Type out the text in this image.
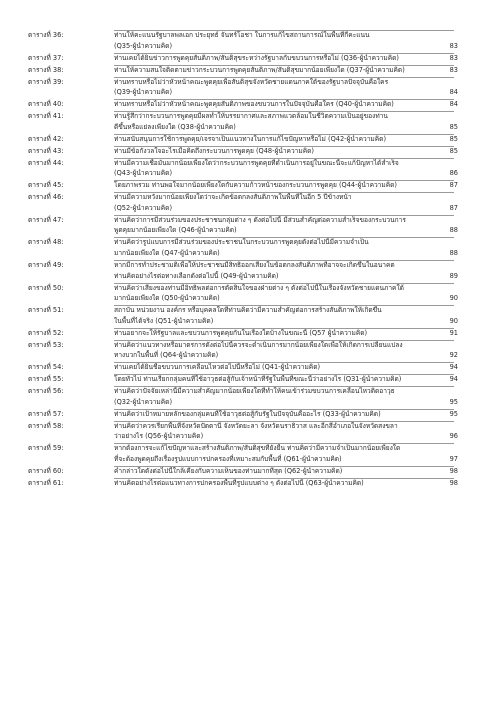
ตารางที่ 36:	ท่านให้คะแนนรัฐบาลพลเอก ประยุทธ์ จันทร์โอชา ในการแก้ไขสถานการณ์ในพื้นที่กี่คะแนน
(Q35-ผู้นำความคิด)	83
ตารางที่ 37:	ท่านเคยได้ยินข่าวการพูดคุยสันติภาพ/สันติสุขระหว่างรัฐบาลกับขบวนการหรือไม่ (Q36-ผู้นำความคิด)	83
ตารางที่ 38:	ท่านให้ความสนใจติดตามข่าวกระบวนการพูดคุยสันติภาพ/สันติสุขมากน้อยเพียงใด (Q37-ผู้นำความคิด)	83
ตารางที่ 39:	ท่านทราบหรือไม่ว่าหัวหน้าคณะพูดคุยเพื่อสันติสุขจังหวัดชายแดนภาคใต้ของรัฐบาลปัจจุบันคือใคร
(Q39-ผู้นำความคิด)	84
ตารางที่ 40:	ท่านทราบหรือไม่ว่าหัวหน้าคณะพูดคุยสันติภาพของขบวนการในปัจจุบันคือใคร (Q40-ผู้นำความคิด)	84
ตารางที่ 41:	ท่านรู้สึกว่ากระบวนการพูดคุยมีผลทำให้บรรยากาศและสภาพแวดล้อมในชีวิตความเป็นอยู่ของท่าน
ดีขึ้นหรือแย่ลงเพียงใด (Q38-ผู้นำความคิด)	85
ตารางที่ 42:	ท่านสนับสนุนการใช้การพูดคุย/เจรจาเป็นแนวทางในการแก้ไขปัญหาหรือไม่ (Q42-ผู้นำความคิด)	85
ตารางที่ 43:	ท่านมีข้อกังวลใจอะไรเมื่อคิดถึงกระบวนการพูดคุย (Q48-ผู้นำความคิด)	85
ตารางที่ 44:	ท่านมีความเชื่อมั่นมากน้อยเพียงใดว่ากระบวนการพูดคุยที่ดำเนินการอยู่ในขณะนี้จะแก้ปัญหาได้สำเร็จ
(Q43-ผู้นำความคิด)	86
ตารางที่ 45:	โดยภาพรวม ท่านพอใจมากน้อยเพียงใดกับความก้าวหน้าของกระบวนการพูดคุย (Q44-ผู้นำความคิด)	87
ตารางที่ 46:	ท่านมีความหวังมากน้อยเพียงใดว่าจะเกิดข้อตกลงสันติภาพในพื้นที่ในอีก 5 ปีข้างหน้า
(Q52-ผู้นำความคิด)	87
ตารางที่ 47:	ท่านคิดว่าการมีส่วนร่วมของประชาชนกลุ่มต่าง ๆ ดังต่อไปนี้ มีส่วนสำคัญต่อความสำเร็จของกระบวนการ
พูดคุยมากน้อยเพียงใด (Q46-ผู้นำความคิด)	88
ตารางที่ 48:	ท่านคิดว่ารูปแบบการมีส่วนร่วมของประชาชนในกระบวนการพูดคุยดังต่อไปนี้มีความจำเป็น
มากน้อยเพียงใด (Q47-ผู้นำความคิด)	88
ตารางที่ 49:	หากมีการทำประชามติเพื่อให้ประชาชนมีสิทธิออกเสียงในข้อตกลงสันติภาพที่อาจจะเกิดขึ้นในอนาคต
ท่านคิดอย่างไรต่อทางเลือกดังต่อไปนี้ (Q49-ผู้นำความคิด)	89
ตารางที่ 50:	ท่านคิดว่าเสียงของท่านมีอิทธิพลต่อการตัดสินใจของฝ่ายต่าง ๆ ดังต่อไปนี้ในเรื่องจังหวัดชายแดนภาคใต้
มากน้อยเพียงใด (Q50-ผู้นำความคิด)	90
ตารางที่ 51:	สถาบัน หน่วยงาน องค์กร หรือบุคคลใดที่ท่านคิดว่ามีความสำคัญต่อการสร้างสันติภาพให้เกิดขึ้น
ในพื้นที่ได้จริง (Q51-ผู้นำความคิด)	90
ตารางที่ 52:	ท่านอยากจะให้รัฐบาลและขบวนการพูดคุยกันในเรื่องใดบ้างในขณะนี้ (Q57 ผู้นำความคิด)	91
ตารางที่ 53:	ท่านคิดว่าแนวทางหรือมาตรการดังต่อไปนี้ควรจะดำเนินการมากน้อยเพียงใดเพื่อให้เกิดการเปลี่ยนแปลง
ทางบวกในพื้นที่ (Q64-ผู้นำความคิด)	92
ตารางที่ 54:	ท่านเคยได้ยินชื่อขบวนการเคลื่อนไหวต่อไปนี้หรือไม่ (Q41-ผู้นำความคิด)	94
ตารางที่ 55:	โดยทั่วไป ท่านเรียกกลุ่มคนที่ใช้อาวุธต่อสู้กับเจ้าหน้าที่รัฐในพื้นที่ขณะนี้ว่าอย่างไร (Q31-ผู้นำความคิด)	94
ตารางที่ 56:	ท่านคิดว่าปัจจัยเหล่านี้มีความสำคัญมากน้อยเพียงใดที่ทำให้คนเข้าร่วมขบวนการเคลื่อนไหวติดอาวุธ
(Q32-ผู้นำความคิด)	95
ตารางที่ 57:	ท่านคิดว่าเป้าหมายหลักของกลุ่มคนที่ใช้อาวุธต่อสู้กับรัฐในปัจจุบันคืออะไร (Q33-ผู้นำความคิด)	95
ตารางที่ 58:	ท่านคิดว่าควรเรียกพื้นที่จังหวัดปัตตานี จังหวัดยะลา จังหวัดนราธิวาส และอีกสี่อำเภอในจังหวัดสงขลา
ว่าอย่างไร (Q56-ผู้นำความคิด)	96
ตารางที่ 59:	หากต้องการจะแก้ไขปัญหาและสร้างสันติภาพ/สันติสุขที่ยั่งยืน ท่านคิดว่ามีความจำเป็นมากน้อยเพียงใด
ที่จะต้องพูดคุยถึงเรื่องรูปแบบการปกครองที่เหมาะสมกับพื้นที่ (Q61-ผู้นำความคิด)	97
ตารางที่ 60:	คำกล่าวใดดังต่อไปนี้ใกล้เคียงกับความเห็นของท่านมากที่สุด (Q62-ผู้นำความคิด)	98
ตารางที่ 61:	ท่านคิดอย่างไรต่อแนวทางการปกครองพื้นที่รูปแบบต่าง ๆ ดังต่อไปนี้ (Q63-ผู้นำความคิด)	98
